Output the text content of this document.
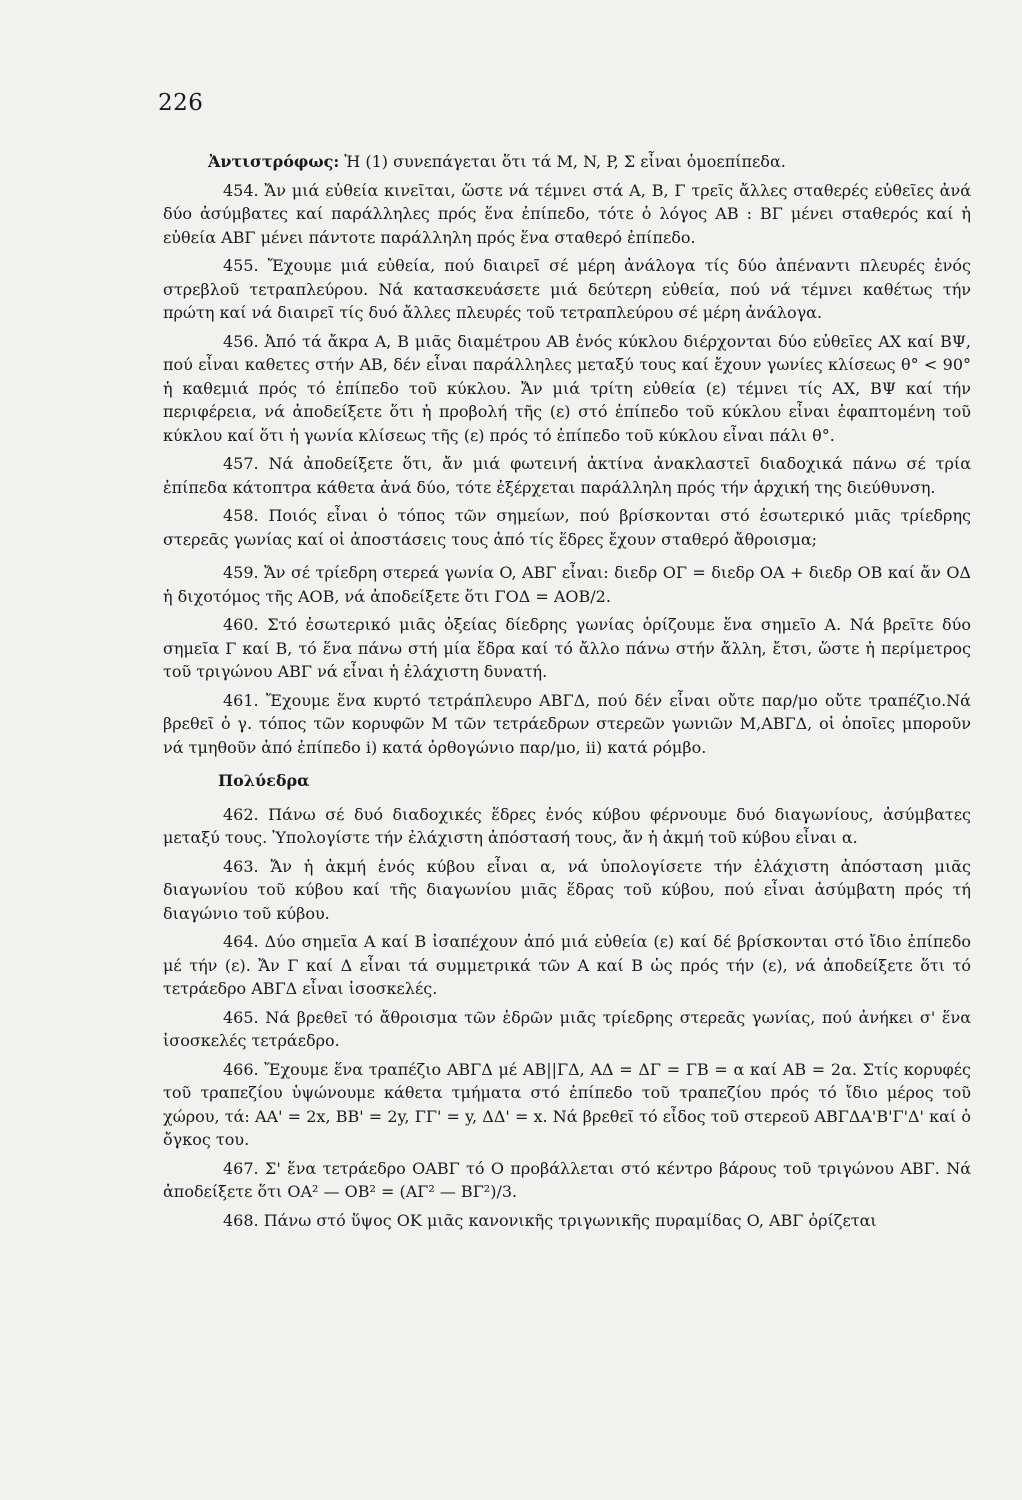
226

Ἀντιστρόφως: Ἡ (1) συνεπάγεται ὅτι τά M, N, P, Σ εἶναι ὁμοεπίπεδα.

454. Ἄν μιά εὐθεία κινεῖται, ὥστε νά τέμνει στά A, B, Γ τρεῖς ἄλλες σταθερές εὐθεῖες ἀνά δύο ἀσύμβατες καί παράλληλες πρός ἕνα ἐπίπεδο, τότε ὁ λόγος AB : BΓ μένει σταθερός καί ἡ εὐθεία ABΓ μένει πάντοτε παράλληλη πρός ἕνα σταθερό ἐπίπεδο.

455. Ἔχουμε μιά εὐθεία, πού διαιρεῖ σέ μέρη ἀνάλογα τίς δύο ἀπέναντι πλευρές ἑνός στρεβλοῦ τετραπλεύρου. Νά κατασκευάσετε μιά δεύτερη εὐθεία, πού νά τέμνει καθέτως τήν πρώτη καί νά διαιρεῖ τίς δυό ἄλλες πλευρές τοῦ τετραπλεύρου σέ μέρη ἀνάλογα.

456. Ἀπό τά ἄκρα A, B μιᾶς διαμέτρου AB ἑνός κύκλου διέρχονται δύο εὐθεῖες AX καί BΨ, πού εἶναι καθετες στήν AB, δέν εἶναι παράλληλες μεταξύ τους καί ἔχουν γωνίες κλίσεως θ° < 90° ἡ καθεμιά πρός τό ἐπίπεδο τοῦ κύκλου. Ἄν μιά τρίτη εὐθεία (ε) τέμνει τίς AX, BΨ καί τήν περιφέρεια, νά ἀποδείξετε ὅτι ἡ προβολή τῆς (ε) στό ἐπίπεδο τοῦ κύκλου εἶναι ἐφαπτομένη τοῦ κύκλου καί ὅτι ἡ γωνία κλίσεως τῆς (ε) πρός τό ἐπίπεδο τοῦ κύκλου εἶναι πάλι θ°.

457. Νά ἀποδείξετε ὅτι, ἄν μιά φωτεινή ἀκτίνα ἀνακλαστεῖ διαδοχικά πάνω σέ τρία ἐπίπεδα κάτοπτρα κάθετα ἀνά δύο, τότε ἐξέρχεται παράλληλη πρός τήν ἀρχική της διεύθυνση.

458. Ποιός εἶναι ὁ τόπος τῶν σημείων, πού βρίσκονται στό ἐσωτερικό μιᾶς τρίεδρης στερεᾶς γωνίας καί οἱ ἀποστάσεις τους ἀπό τίς ἕδρες ἔχουν σταθερό ἄθροισμα;

459. Ἄν σέ τρίεδρη στερεά γωνία O, ABΓ εἶναι: διεδρ ΟΓ = διεδρ ΟΑ + διεδρ ΟΒ καί ἄν ΟΔ ἡ διχοτόμος τῆς ΑΟΒ, νά ἀποδείξετε ὅτι ΓΟΔ = ΑΟΒ/2.

460. Στό ἐσωτερικό μιᾶς ὀξείας δίεδρης γωνίας ὁρίζουμε ἕνα σημεῖο A. Νά βρεῖτε δύο σημεῖα Γ καί B, τό ἕνα πάνω στή μία ἕδρα καί τό ἄλλο πάνω στήν ἄλλη, ἔτσι, ὥστε ἡ περίμετρος τοῦ τριγώνου ABΓ νά εἶναι ἡ ἐλάχιστη δυνατή.

461. Ἔχουμε ἕνα κυρτό τετράπλευρο ABΓΔ, πού δέν εἶναι οὔτε παρ/μο οὔτε τραπέζιο.Νά βρεθεῖ ὁ γ. τόπος τῶν κορυφῶν M τῶν τετράεδρων στερεῶν γωνιῶν M,ABΓΔ, οἱ ὁποῖες μποροῦν νά τμηθοῦν ἀπό ἐπίπεδο i) κατά ὀρθογώνιο παρ/μο, ii) κατά ρόμβο.

Πολύεδρα

462. Πάνω σέ δυό διαδοχικές ἕδρες ἑνός κύβου φέρνουμε δυό διαγωνίους, ἀσύμβατες μεταξύ τους. Ὑπολογίστε τήν ἐλάχιστη ἀπόστασή τους, ἄν ἡ ἀκμή τοῦ κύβου εἶναι α.

463. Ἄν ἡ ἀκμή ἑνός κύβου εἶναι α, νά ὑπολογίσετε τήν ἐλάχιστη ἀπόσταση μιᾶς διαγωνίου τοῦ κύβου καί τῆς διαγωνίου μιᾶς ἕδρας τοῦ κύβου, πού εἶναι ἀσύμβατη πρός τή διαγώνιο τοῦ κύβου.

464. Δύο σημεῖα A καί B ἰσαπέχουν ἀπό μιά εὐθεία (ε) καί δέ βρίσκονται στό ἴδιο ἐπίπεδο μέ τήν (ε). Ἄν Γ καί Δ εἶναι τά συμμετρικά τῶν A καί B ὡς πρός τήν (ε), νά ἀποδείξετε ὅτι τό τετράεδρο ABΓΔ εἶναι ἰσοσκελές.

465. Νά βρεθεῖ τό ἄθροισμα τῶν ἑδρῶν μιᾶς τρίεδρης στερεᾶς γωνίας, πού ἀνήκει σ' ἕνα ἰσοσκελές τετράεδρο.

466. Ἔχουμε ἕνα τραπέζιο ABΓΔ μέ AB||ΓΔ, AΔ = ΔΓ = ΓB = α καί AB = 2α. Στίς κορυφές τοῦ τραπεζίου ὑψώνουμε κάθετα τμήματα στό ἐπίπεδο τοῦ τραπεζίου πρός τό ἴδιο μέρος τοῦ χώρου, τά: AA' = 2x, BB' = 2y, ΓΓ' = y, ΔΔ' = x. Νά βρεθεῖ τό εἶδος τοῦ στερεοῦ ABΓΔA'B'Γ'Δ' καί ὁ ὄγκος του.

467. Σ' ἕνα τετράεδρο OABΓ τό O προβάλλεται στό κέντρο βάρους τοῦ τριγώνου ABΓ. Νά ἀποδείξετε ὅτι OA² — OB² = (AΓ² — BΓ²)/3.

468. Πάνω στό ὕψος OK μιᾶς κανονικῆς τριγωνικῆς πυραμίδας O, ABΓ ὁρίζεται
